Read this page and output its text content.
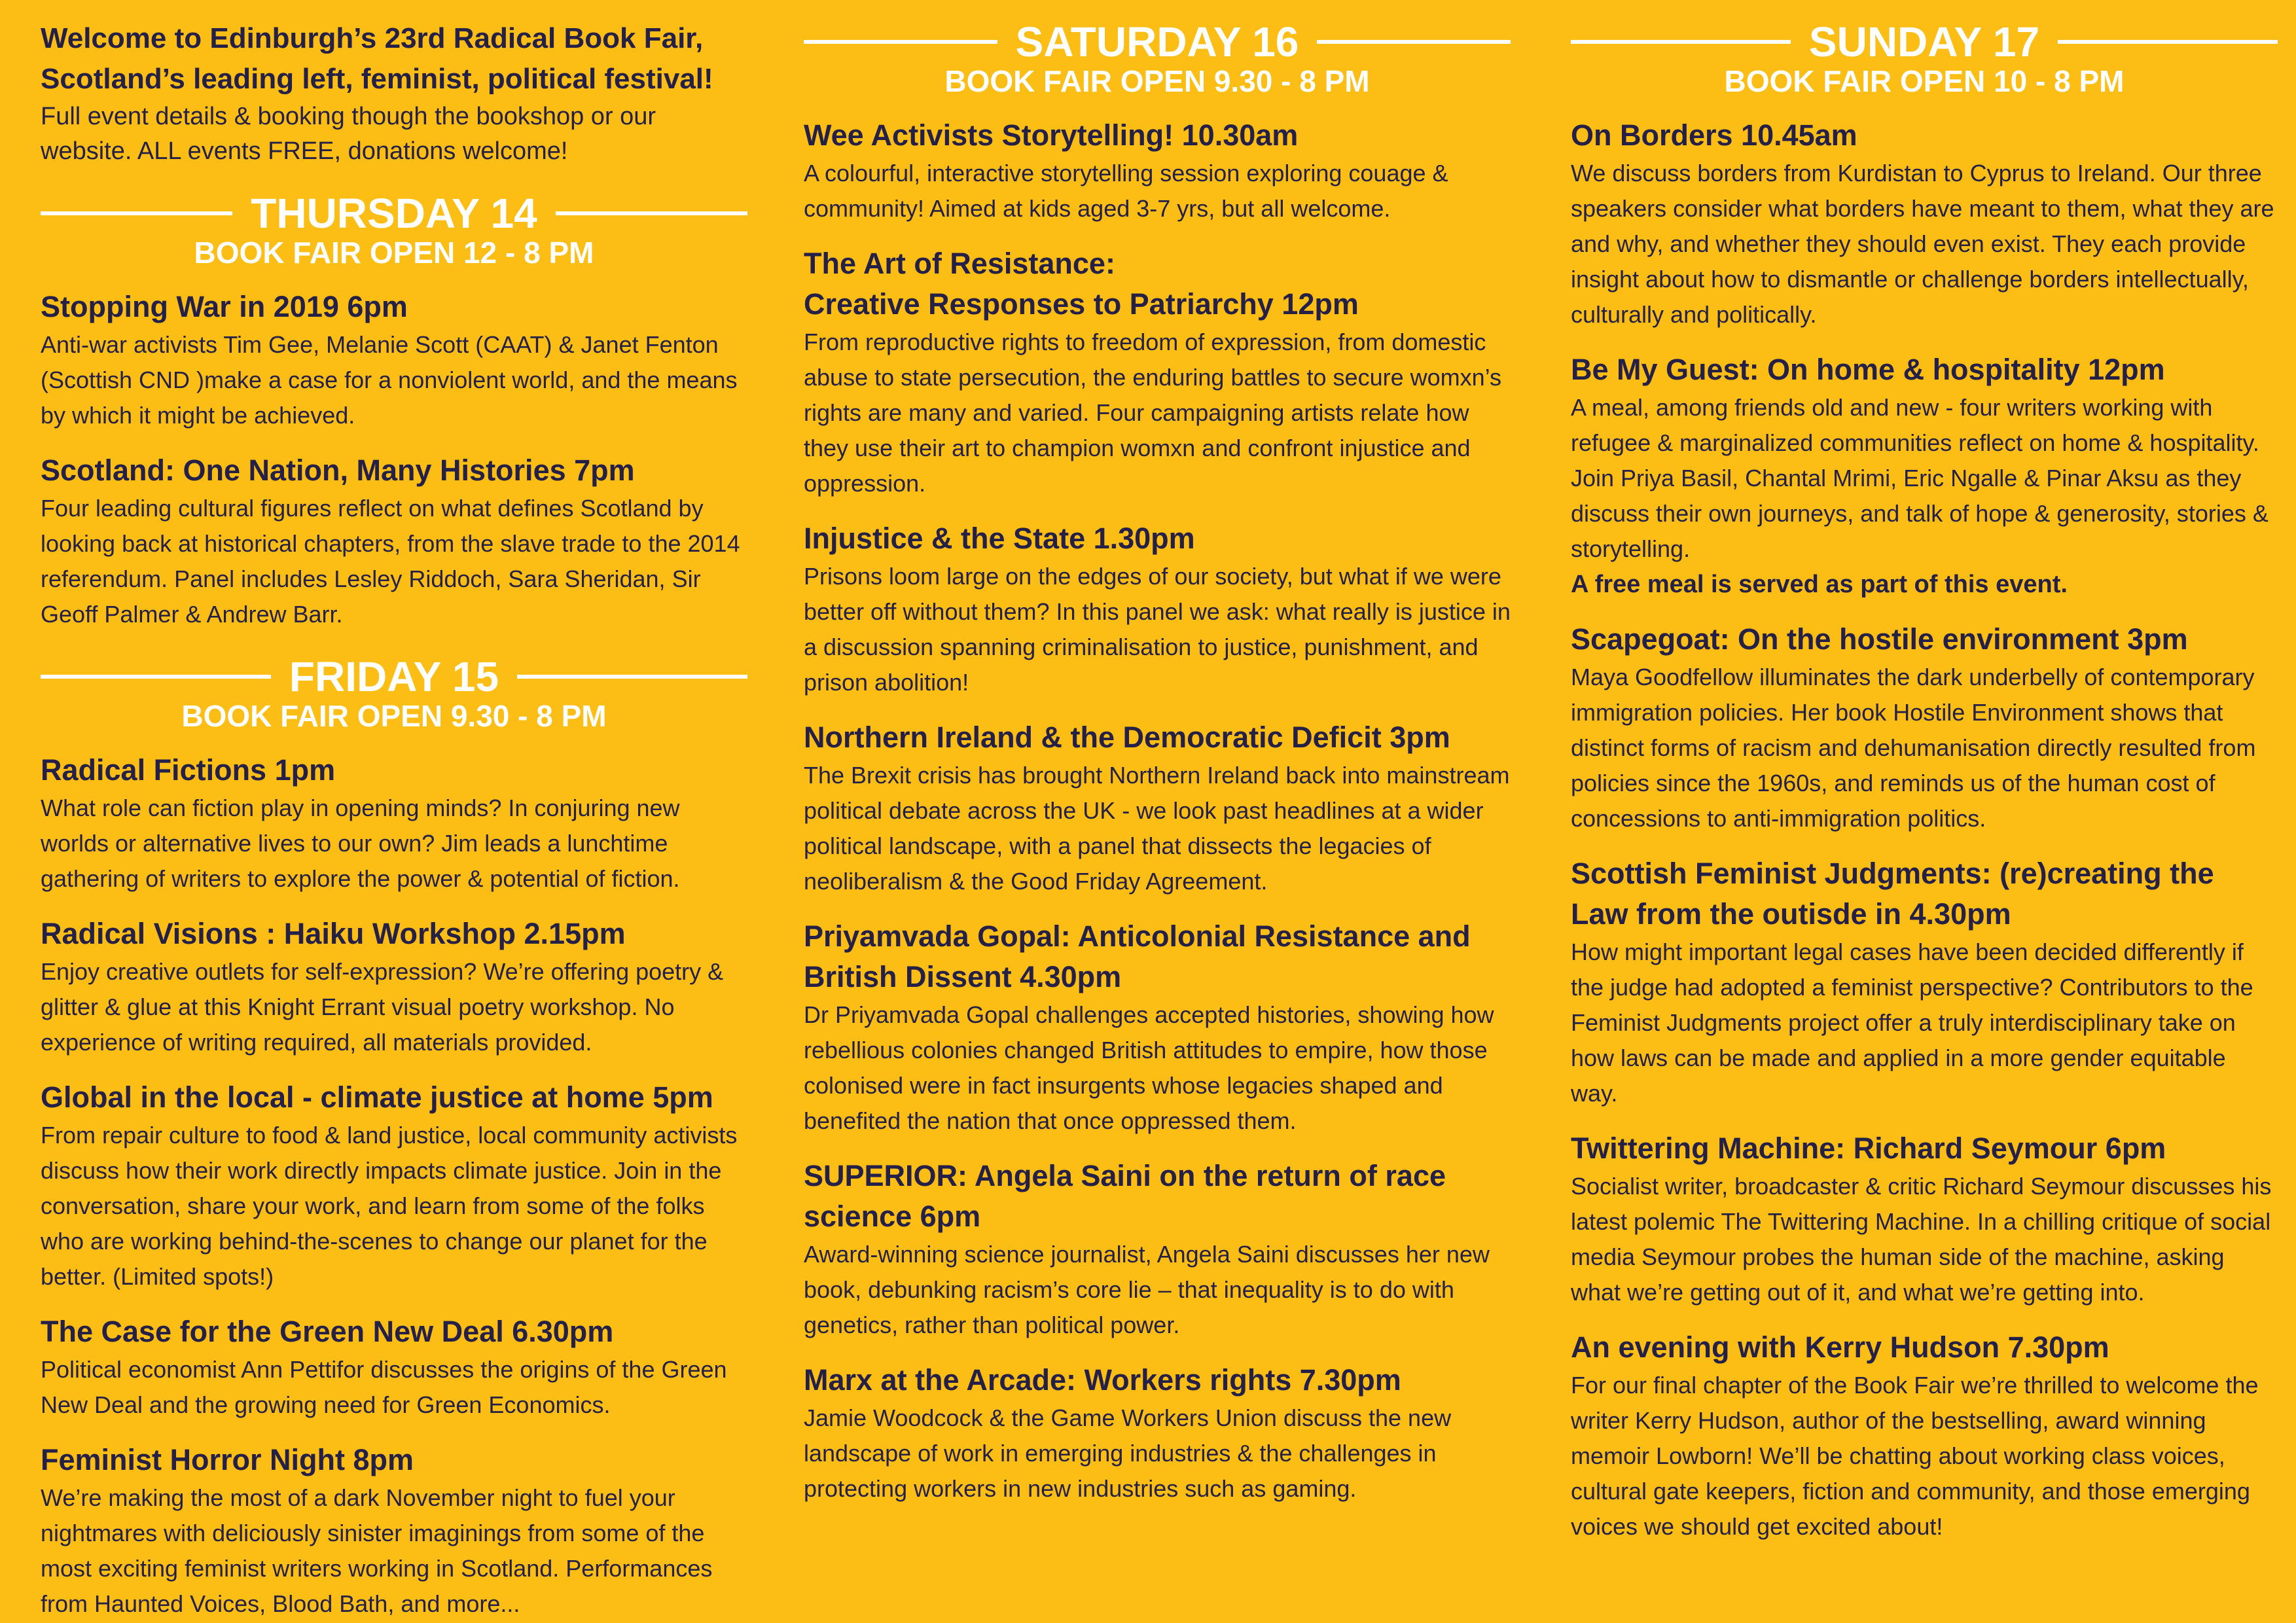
Welcome to Edinburgh’s 23rd Radical Book Fair,
Scotland’s leading left, feminist, political festival!
Full event details & booking though the bookshop or our website. ALL events FREE, donations welcome!
THURSDAY 14
BOOK FAIR OPEN 12 - 8 PM
Stopping War in 2019 6pm
Anti-war activists Tim Gee, Melanie Scott (CAAT) & Janet Fenton (Scottish CND )make a case for a nonviolent world, and the means by which it might be achieved.
Scotland: One Nation, Many Histories 7pm
Four leading cultural figures reflect on what defines Scotland by looking back at historical chapters, from the slave trade to the 2014 referendum. Panel includes Lesley Riddoch, Sara Sheridan, Sir Geoff Palmer & Andrew Barr.
FRIDAY 15
BOOK FAIR OPEN 9.30 - 8 PM
Radical Fictions 1pm
What role can fiction play in opening minds? In conjuring new worlds or alternative lives to our own? Jim leads a lunchtime gathering of writers to explore the power & potential of fiction.
Radical Visions : Haiku Workshop 2.15pm
Enjoy creative outlets for self-expression? We’re offering poetry & glitter & glue at this Knight Errant visual poetry workshop. No experience of writing required, all materials provided.
Global in the local - climate justice at home 5pm
From repair culture to food & land justice, local community activists discuss how their work directly impacts climate justice. Join in the conversation, share your work, and learn from some of the folks who are working behind-the-scenes to change our planet for the better. (Limited spots!)
The Case for the Green New Deal 6.30pm
Political economist Ann Pettifor discusses the origins of the Green New Deal and the growing need for Green Economics.
Feminist Horror Night 8pm
We’re making the most of a dark November night to fuel your nightmares with deliciously sinister imaginings from some of the most exciting feminist writers working in Scotland. Performances from Haunted Voices, Blood Bath, and more...
SATURDAY 16
BOOK FAIR OPEN 9.30 - 8 PM
Wee Activists Storytelling! 10.30am
A colourful, interactive storytelling session exploring couage & community! Aimed at kids aged 3-7 yrs, but all welcome.
The Art of Resistance:
Creative Responses to Patriarchy 12pm
From reproductive rights to freedom of expression, from domestic abuse to state persecution, the enduring battles to secure womxn’s rights are many and varied. Four campaigning artists relate how they use their art to champion womxn and confront injustice and oppression.
Injustice & the State 1.30pm
Prisons loom large on the edges of our society, but what if we were better off without them? In this panel we ask: what really is justice in a discussion spanning criminalisation to justice, punishment, and prison abolition!
Northern Ireland & the Democratic Deficit 3pm
The Brexit crisis has brought Northern Ireland back into mainstream political debate across the UK - we look past headlines at a wider political landscape, with a panel that dissects the legacies of neoliberalism & the Good Friday Agreement.
Priyamvada Gopal: Anticolonial Resistance and British Dissent 4.30pm
Dr Priyamvada Gopal challenges accepted histories, showing how rebellious colonies changed British attitudes to empire, how those colonised were in fact insurgents whose legacies shaped and benefited the nation that once oppressed them.
SUPERIOR: Angela Saini on the return of race science 6pm
Award-winning science journalist, Angela Saini discusses her new book, debunking racism’s core lie – that inequality is to do with genetics, rather than political power.
Marx at the Arcade: Workers rights 7.30pm
Jamie Woodcock & the Game Workers Union discuss the new landscape of work in emerging industries & the challenges in protecting workers in new industries such as gaming.
SUNDAY 17
BOOK FAIR OPEN 10 - 8 PM
On Borders 10.45am
We discuss borders from Kurdistan to Cyprus to Ireland. Our three speakers consider what borders have meant to them, what they are and why, and whether they should even exist. They each provide insight about how to dismantle or challenge borders intellectually, culturally and politically.
Be My Guest: On home & hospitality 12pm
A meal, among friends old and new - four writers working with refugee & marginalized communities reflect on home & hospitality. Join Priya Basil, Chantal Mrimi, Eric Ngalle & Pinar Aksu as they discuss their own journeys, and talk of hope & generosity, stories & storytelling.
A free meal is served as part of this event.
Scapegoat: On the hostile environment 3pm
Maya Goodfellow illuminates the dark underbelly of contemporary immigration policies. Her book Hostile Environment shows that distinct forms of racism and dehumanisation directly resulted from policies since the 1960s, and reminds us of the human cost of concessions to anti-immigration politics.
Scottish Feminist Judgments: (re)creating the Law from the outisde in 4.30pm
How might important legal cases have been decided differently if the judge had adopted a feminist perspective? Contributors to the Feminist Judgments project offer a truly interdisciplinary take on how laws can be made and applied in a more gender equitable way.
Twittering Machine: Richard Seymour 6pm
Socialist writer, broadcaster & critic Richard Seymour discusses his latest polemic The Twittering Machine. In a chilling critique of social media Seymour probes the human side of the machine, asking what we’re getting out of it, and what we’re getting into.
An evening with Kerry Hudson 7.30pm
For our final chapter of the Book Fair we’re thrilled to welcome the writer Kerry Hudson, author of the bestselling, award winning memoir Lowborn! We’ll be chatting about working class voices, cultural gate keepers, fiction and community, and those emerging voices we should get excited about!
